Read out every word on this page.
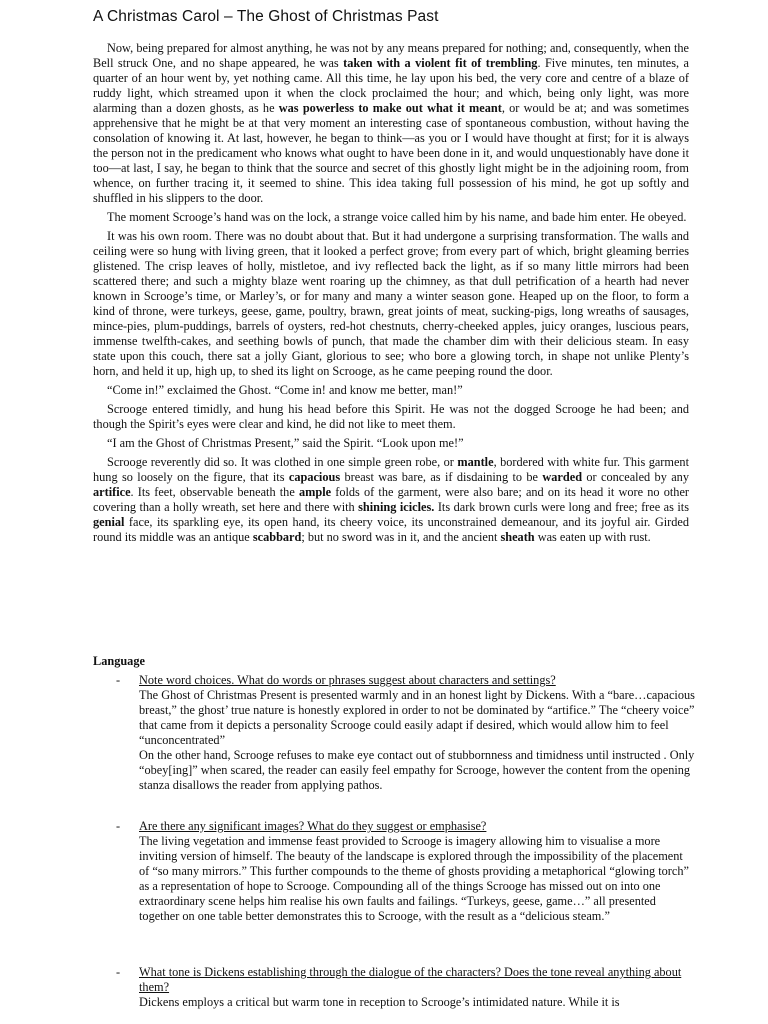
A Christmas Carol – The Ghost of Christmas Past

Now, being prepared for almost anything, he was not by any means prepared for nothing; and, consequently, when the Bell struck One, and no shape appeared, he was taken with a violent fit of trembling. Five minutes, ten minutes, a quarter of an hour went by, yet nothing came. All this time, he lay upon his bed, the very core and centre of a blaze of ruddy light, which streamed upon it when the clock proclaimed the hour; and which, being only light, was more alarming than a dozen ghosts, as he was powerless to make out what it meant, or would be at; and was sometimes apprehensive that he might be at that very moment an interesting case of spontaneous combustion, without having the consolation of knowing it. At last, however, he began to think—as you or I would have thought at first; for it is always the person not in the predicament who knows what ought to have been done in it, and would unquestionably have done it too—at last, I say, he began to think that the source and secret of this ghostly light might be in the adjoining room, from whence, on further tracing it, it seemed to shine. This idea taking full possession of his mind, he got up softly and shuffled in his slippers to the door.

The moment Scrooge’s hand was on the lock, a strange voice called him by his name, and bade him enter. He obeyed.

It was his own room. There was no doubt about that. But it had undergone a surprising transformation. The walls and ceiling were so hung with living green, that it looked a perfect grove; from every part of which, bright gleaming berries glistened. The crisp leaves of holly, mistletoe, and ivy reflected back the light, as if so many little mirrors had been scattered there; and such a mighty blaze went roaring up the chimney, as that dull petrification of a hearth had never known in Scrooge’s time, or Marley’s, or for many and many a winter season gone. Heaped up on the floor, to form a kind of throne, were turkeys, geese, game, poultry, brawn, great joints of meat, sucking-pigs, long wreaths of sausages, mince-pies, plum-puddings, barrels of oysters, red-hot chestnuts, cherry-cheeked apples, juicy oranges, luscious pears, immense twelfth-cakes, and seething bowls of punch, that made the chamber dim with their delicious steam. In easy state upon this couch, there sat a jolly Giant, glorious to see; who bore a glowing torch, in shape not unlike Plenty’s horn, and held it up, high up, to shed its light on Scrooge, as he came peeping round the door.

“Come in!” exclaimed the Ghost. “Come in! and know me better, man!”

Scrooge entered timidly, and hung his head before this Spirit. He was not the dogged Scrooge he had been; and though the Spirit’s eyes were clear and kind, he did not like to meet them.

“I am the Ghost of Christmas Present,” said the Spirit. “Look upon me!”

Scrooge reverently did so. It was clothed in one simple green robe, or mantle, bordered with white fur. This garment hung so loosely on the figure, that its capacious breast was bare, as if disdaining to be warded or concealed by any artifice. Its feet, observable beneath the ample folds of the garment, were also bare; and on its head it wore no other covering than a holly wreath, set here and there with shining icicles. Its dark brown curls were long and free; free as its genial face, its sparkling eye, its open hand, its cheery voice, its unconstrained demeanour, and its joyful air. Girded round its middle was an antique scabbard; but no sword was in it, and the ancient sheath was eaten up with rust.

Language
- Note word choices. What do words or phrases suggest about characters and settings?

The Ghost of Christmas Present is presented warmly and in an honest light by Dickens. With a “bare…capacious breast,” the ghost’ true nature is honestly explored in order to not be dominated by “artifice.” The “cheery voice” that came from it depicts a personality Scrooge could easily adapt if desired, which would allow him to feel “unconcentrated”

On the other hand, Scrooge refuses to make eye contact out of stubbornness and timidness until instructed . Only “obey[ing]” when scared, the reader can easily feel empathy for Scrooge, however the content from the opening stanza disallows the reader from applying pathos.

- Are there any significant images? What do they suggest or emphasise?

The living vegetation and immense feast provided to Scrooge is imagery allowing him to visualise a more inviting version of himself. The beauty of the landscape is explored through the impossibility of the placement of “so many mirrors.” This further compounds to the theme of ghosts providing a metaphorical “glowing torch” as a representation of hope to Scrooge. Compounding all of the things Scrooge has missed out on into one extraordinary scene helps him realise his own faults and failings. “Turkeys, geese, game…” all presented together on one table better demonstrates this to Scrooge, with the result as a “delicious steam.”

- What tone is Dickens establishing through the dialogue of the characters? Does the tone reveal anything about them?

Dickens employs a critical but warm tone in reception to Scrooge’s intimidated nature. While it is
